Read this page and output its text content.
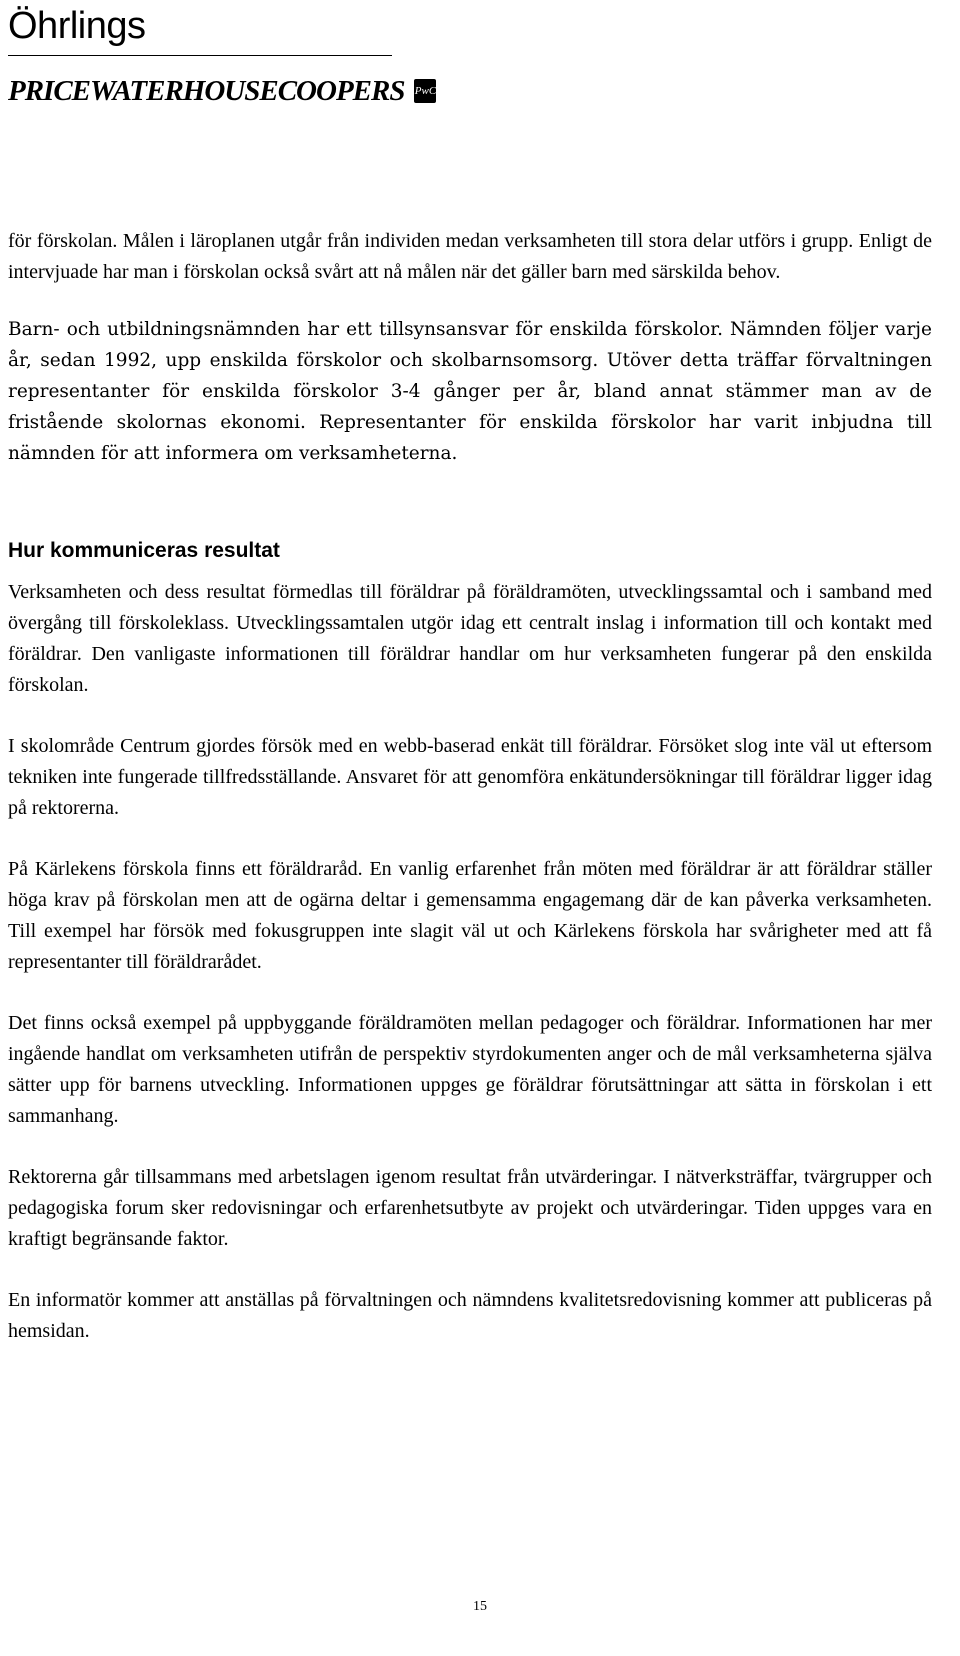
Öhrlings
PRICEWATERHOUSECOOPERS PwC

för förskolan. Målen i läroplanen utgår från individen medan verksamheten till stora delar utförs i grupp. Enligt de intervjuade har man i förskolan också svårt att nå målen när det gäller barn med särskilda behov.

Barn- och utbildningsnämnden har ett tillsynsansvar för enskilda förskolor. Nämnden följer varje år, sedan 1992, upp enskilda förskolor och skolbarnsomsorg. Utöver detta träffar förvaltningen representanter för enskilda förskolor 3-4 gånger per år, bland annat stämmer man av de fristående skolornas ekonomi. Representanter för enskilda förskolor har varit inbjudna till nämnden för att informera om verksamheterna.

Hur kommuniceras resultat

Verksamheten och dess resultat förmedlas till föräldrar på föräldramöten, utvecklingssamtal och i samband med övergång till förskoleklass. Utvecklingssamtalen utgör idag ett centralt inslag i information till och kontakt med föräldrar. Den vanligaste informationen till föräldrar handlar om hur verksamheten fungerar på den enskilda förskolan.

I skolområde Centrum gjordes försök med en webb-baserad enkät till föräldrar. Försöket slog inte väl ut eftersom tekniken inte fungerade tillfredsställande. Ansvaret för att genomföra enkätundersökningar till föräldrar ligger idag på rektorerna.

På Kärlekens förskola finns ett föräldraråd. En vanlig erfarenhet från möten med föräldrar är att föräldrar ställer höga krav på förskolan men att de ogärna deltar i gemensamma engagemang där de kan påverka verksamheten. Till exempel har försök med fokusgruppen inte slagit väl ut och Kärlekens förskola har svårigheter med att få representanter till föräldrarådet.

Det finns också exempel på uppbyggande föräldramöten mellan pedagoger och föräldrar. Informationen har mer ingående handlat om verksamheten utifrån de perspektiv styrdokumenten anger och de mål verksamheterna själva sätter upp för barnens utveckling. Informationen uppges ge föräldrar förutsättningar att sätta in förskolan i ett sammanhang.

Rektorerna går tillsammans med arbetslagen igenom resultat från utvärderingar. I nätverksträffar, tvärgrupper och pedagogiska forum sker redovisningar och erfarenhetsutbyte av projekt och utvärderingar. Tiden uppges vara en kraftigt begränsande faktor.

En informatör kommer att anställas på förvaltningen och nämndens kvalitetsredovisning kommer att publiceras på hemsidan.

15
